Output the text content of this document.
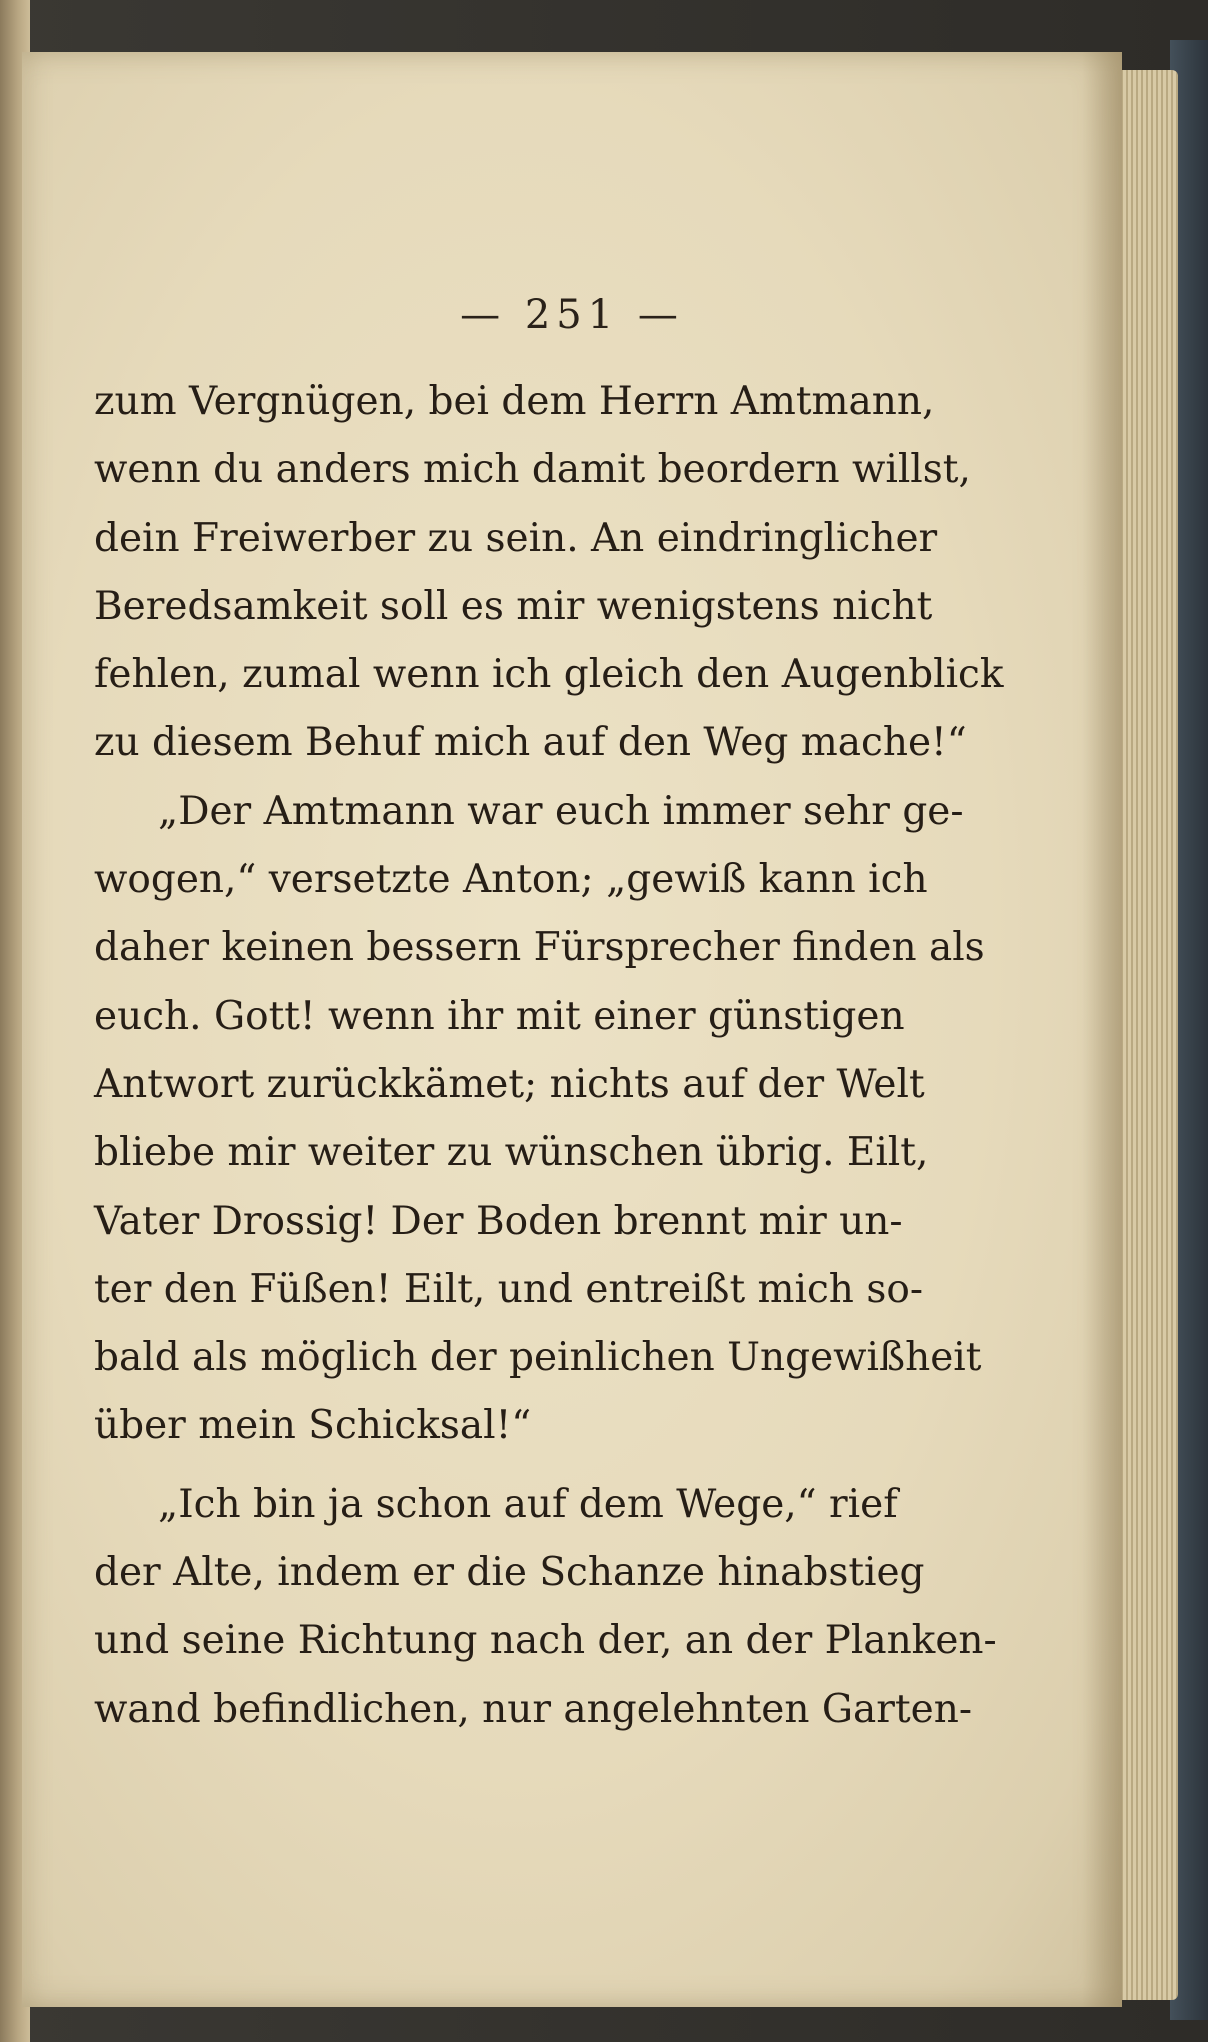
— 251 —
zum Vergnügen, bei dem Herrn Amtmann,
wenn du anders mich damit beordern willst,
dein Freiwerber zu sein. An eindringlicher
Beredsamkeit soll es mir wenigstens nicht
fehlen, zumal wenn ich gleich den Augenblick
zu diesem Behuf mich auf den Weg mache!“
„Der Amtmann war euch immer sehr ge-
wogen,“ versetzte Anton; „gewiß kann ich
daher keinen bessern Fürsprecher finden als
euch. Gott! wenn ihr mit einer günstigen
Antwort zurückkämet; nichts auf der Welt
bliebe mir weiter zu wünschen übrig. Eilt,
Vater Drossig! Der Boden brennt mir un-
ter den Füßen! Eilt, und entreißt mich so-
bald als möglich der peinlichen Ungewißheit
über mein Schicksal!“
„Ich bin ja schon auf dem Wege,“ rief
der Alte, indem er die Schanze hinabstieg
und seine Richtung nach der, an der Planken-
wand befindlichen, nur angelehnten Garten-
